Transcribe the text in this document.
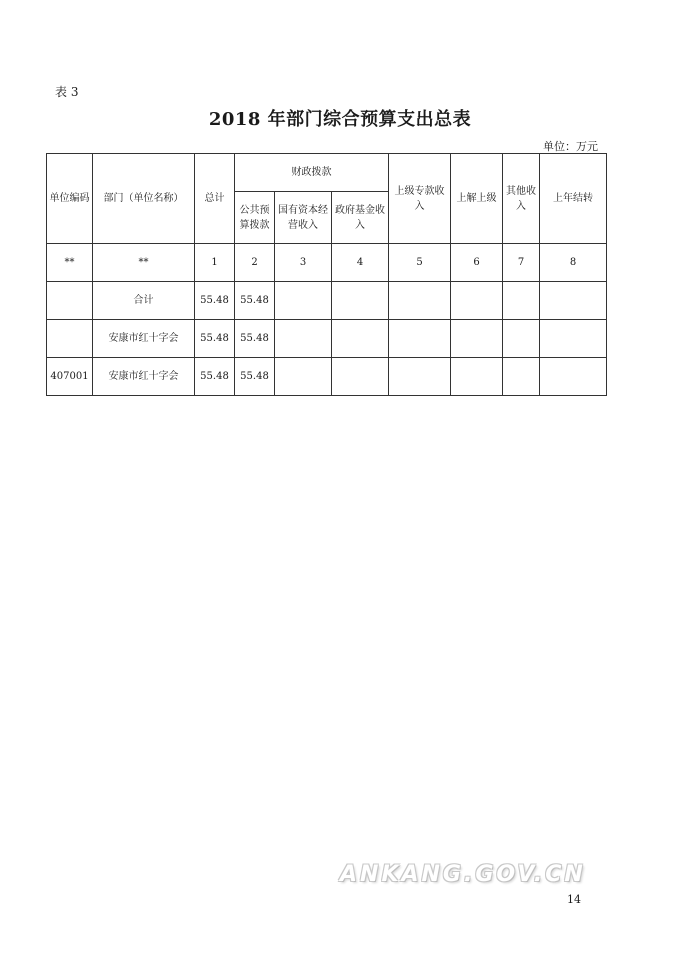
表 3
2018 年部门综合预算支出总表
单位：万元
单位编码	部门（单位名称）	总计	财政拨款			上级专款收入	上解上级	其他收入	上年结转
			公共预算拨款	国有资本经营收入	政府基金收入				
**	**	1	2	3	4	5	6	7	8
	合计	55.48	55.48						
	安康市红十字会	55.48	55.48						
407001	安康市红十字会	55.48	55.48						
ANKANG.GOV.CN
14
